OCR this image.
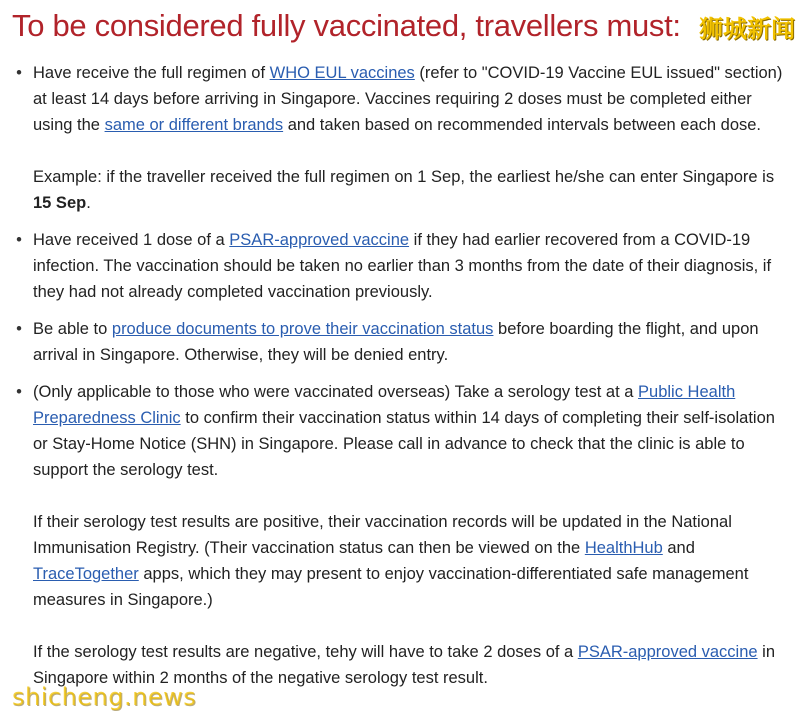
To be considered fully vaccinated, travellers must: 狮城新闻
• Have receive the full regimen of WHO EUL vaccines (refer to "COVID-19 Vaccine EUL issued" section) at least 14 days before arriving in Singapore. Vaccines requiring 2 doses must be completed either using the same or different brands and taken based on recommended intervals between each dose.
Example: if the traveller received the full regimen on 1 Sep, the earliest he/she can enter Singapore is 15 Sep.
• Have received 1 dose of a PSAR-approved vaccine if they had earlier recovered from a COVID-19 infection. The vaccination should be taken no earlier than 3 months from the date of their diagnosis, if they had not already completed vaccination previously.
• Be able to produce documents to prove their vaccination status before boarding the flight, and upon arrival in Singapore. Otherwise, they will be denied entry.
• (Only applicable to those who were vaccinated overseas) Take a serology test at a Public Health Preparedness Clinic to confirm their vaccination status within 14 days of completing their self-isolation or Stay-Home Notice (SHN) in Singapore. Please call in advance to check that the clinic is able to support the serology test.
If their serology test results are positive, their vaccination records will be updated in the National Immunisation Registry. (Their vaccination status can then be viewed on the HealthHub and TraceTogether apps, which they may present to enjoy vaccination-differentiated safe management measures in Singapore.)
If the serology test results are negative, tehy will have to take 2 doses of a PSAR-approved vaccine in Singapore within 2 months of the negative serology test result.
shicheng.news
